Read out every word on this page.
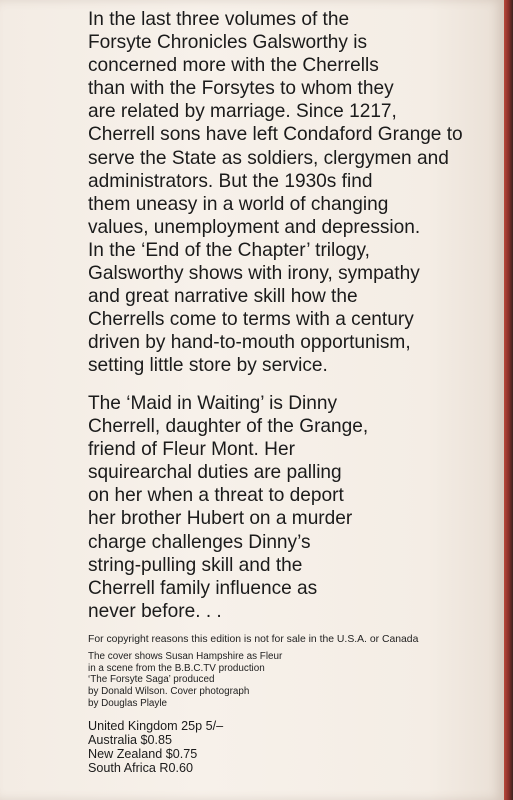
In the last three volumes of the
Forsyte Chronicles Galsworthy is
concerned more with the Cherrells
than with the Forsytes to whom they
are related by marriage. Since 1217,
Cherrell sons have left Condaford Grange to
serve the State as soldiers, clergymen and
administrators. But the 1930s find
them uneasy in a world of changing
values, unemployment and depression.
In the ‘End of the Chapter’ trilogy,
Galsworthy shows with irony, sympathy
and great narrative skill how the
Cherrells come to terms with a century
driven by hand-to-mouth opportunism,
setting little store by service.

The ‘Maid in Waiting’ is Dinny
Cherrell, daughter of the Grange,
friend of Fleur Mont. Her
squirearchal duties are palling
on her when a threat to deport
her brother Hubert on a murder
charge challenges Dinny’s
string-pulling skill and the
Cherrell family influence as
never before. . .

For copyright reasons this edition is not for sale in the U.S.A. or Canada

The cover shows Susan Hampshire as Fleur
in a scene from the B.B.C.TV production
‘The Forsyte Saga’ produced
by Donald Wilson. Cover photograph
by Douglas Playle

United Kingdom 25p 5/–
Australia $0.85
New Zealand $0.75
South Africa R0.60
